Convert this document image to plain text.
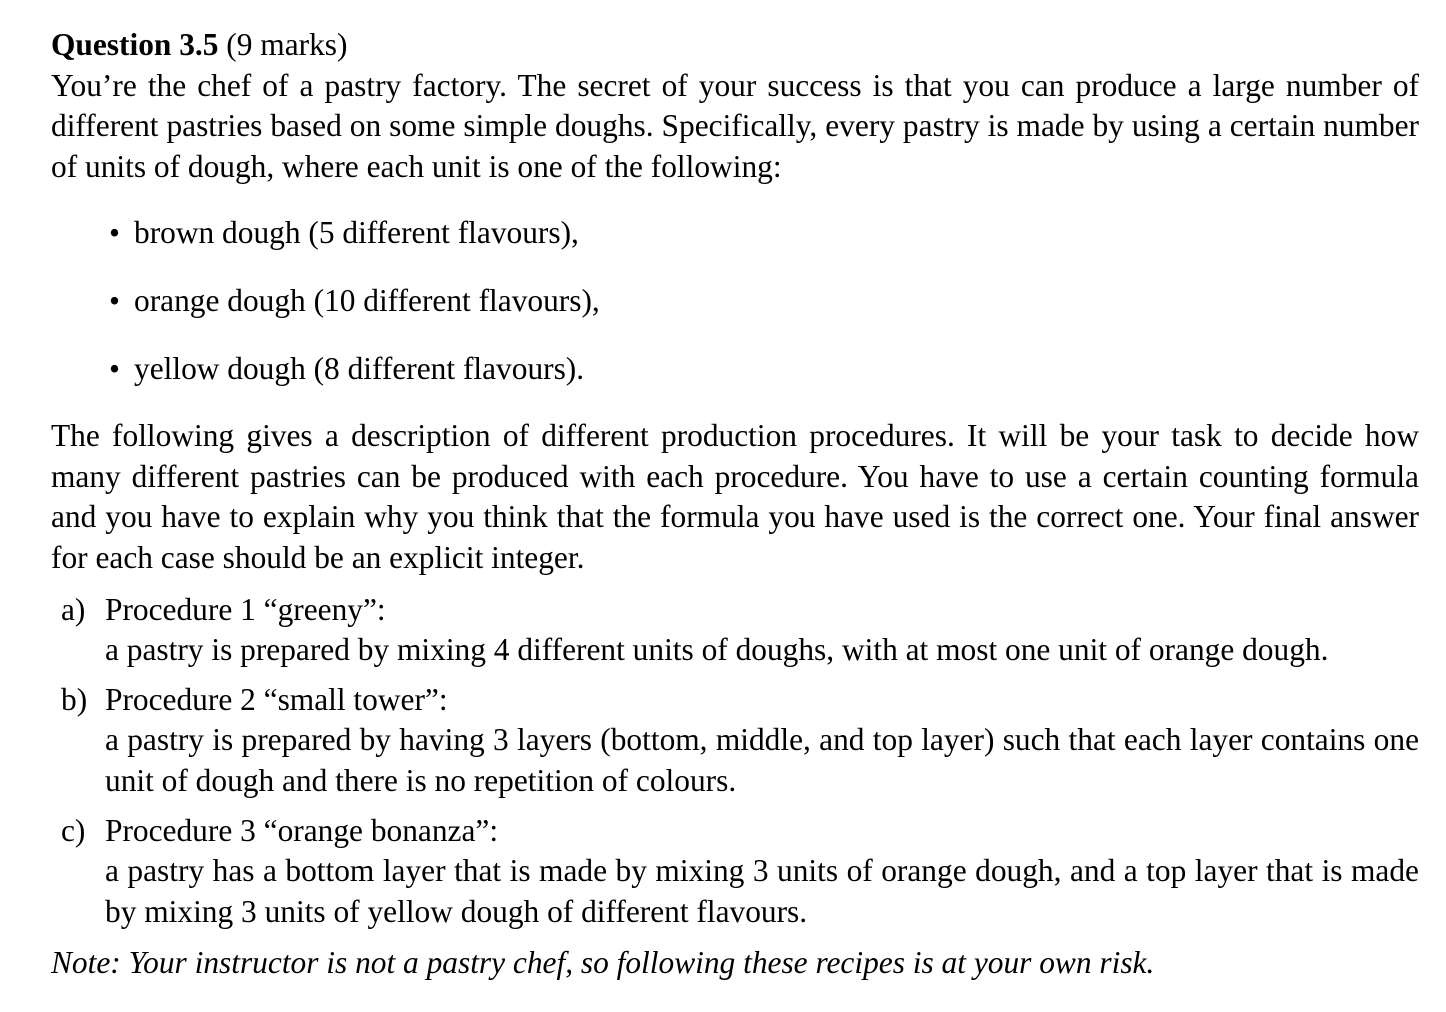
Question 3.5 (9 marks)

You’re the chef of a pastry factory. The secret of your success is that you can produce a large number of different pastries based on some simple doughs. Specifically, every pastry is made by using a certain number of units of dough, where each unit is one of the following:

• brown dough (5 different flavours),
• orange dough (10 different flavours),
• yellow dough (8 different flavours).

The following gives a description of different production procedures. It will be your task to decide how many different pastries can be produced with each procedure. You have to use a certain counting formula and you have to explain why you think that the formula you have used is the correct one. Your final answer for each case should be an explicit integer.

a) Procedure 1 “greeny”:
a pastry is prepared by mixing 4 different units of doughs, with at most one unit of orange dough.
b) Procedure 2 “small tower”:
a pastry is prepared by having 3 layers (bottom, middle, and top layer) such that each layer contains one unit of dough and there is no repetition of colours.
c) Procedure 3 “orange bonanza”:
a pastry has a bottom layer that is made by mixing 3 units of orange dough, and a top layer that is made by mixing 3 units of yellow dough of different flavours.

Note: Your instructor is not a pastry chef, so following these recipes is at your own risk.
